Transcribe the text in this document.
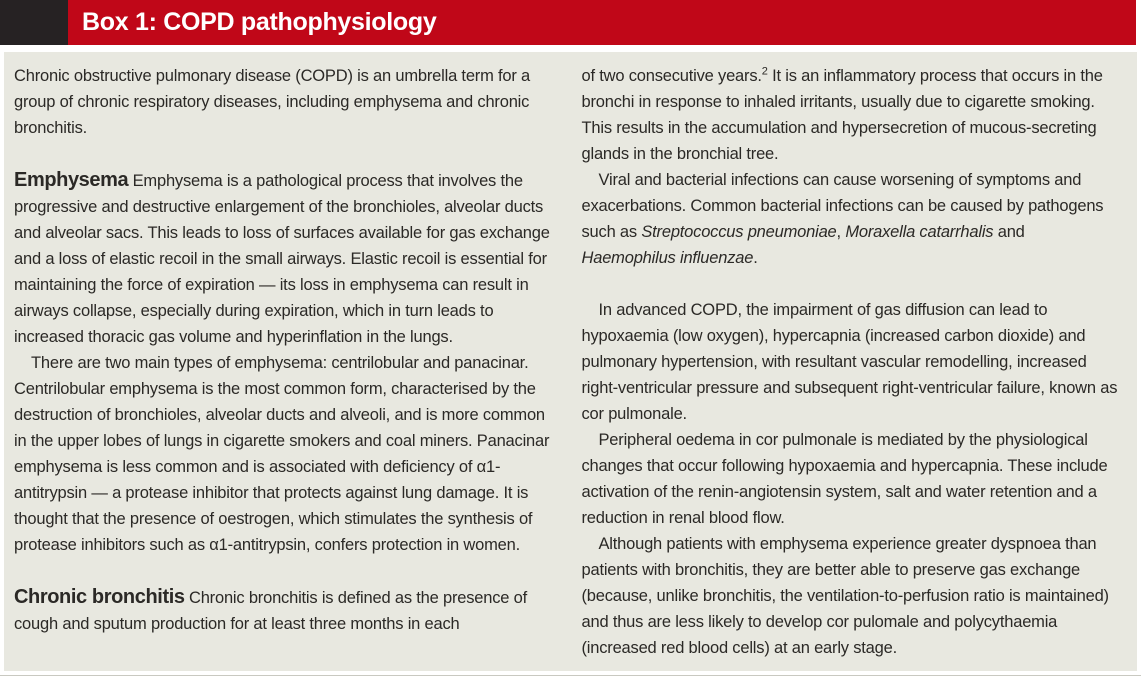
Box 1: COPD pathophysiology

Chronic obstructive pulmonary disease (COPD) is an umbrella term for a group of chronic respiratory diseases, including emphysema and chronic bronchitis.

Emphysema Emphysema is a pathological process that involves the progressive and destructive enlargement of the bronchioles, alveolar ducts and alveolar sacs. This leads to loss of surfaces available for gas exchange and a loss of elastic recoil in the small airways. Elastic recoil is essential for maintaining the force of expiration — its loss in emphysema can result in airways collapse, especially during expiration, which in turn leads to increased thoracic gas volume and hyperinflation in the lungs.

There are two main types of emphysema: centrilobular and panacinar. Centrilobular emphysema is the most common form, characterised by the destruction of bronchioles, alveolar ducts and alveoli, and is more common in the upper lobes of lungs in cigarette smokers and coal miners. Panacinar emphysema is less common and is associated with deficiency of α1-antitrypsin — a protease inhibitor that protects against lung damage. It is thought that the presence of oestrogen, which stimulates the synthesis of protease inhibitors such as α1-antitrypsin, confers protection in women.

Chronic bronchitis Chronic bronchitis is defined as the presence of cough and sputum production for at least three months in each

of two consecutive years.$^2$ It is an inflammatory process that occurs in the bronchi in response to inhaled irritants, usually due to cigarette smoking. This results in the accumulation and hypersecretion of mucous-secreting glands in the bronchial tree.

Viral and bacterial infections can cause worsening of symptoms and exacerbations. Common bacterial infections can be caused by pathogens such as Streptococcus pneumoniae, Moraxella catarrhalis and Haemophilus influenzae.

In advanced COPD, the impairment of gas diffusion can lead to hypoxaemia (low oxygen), hypercapnia (increased carbon dioxide) and pulmonary hypertension, with resultant vascular remodelling, increased right-ventricular pressure and subsequent right-ventricular failure, known as cor pulmonale.

Peripheral oedema in cor pulmonale is mediated by the physiological changes that occur following hypoxaemia and hypercapnia. These include activation of the renin-angiotensin system, salt and water retention and a reduction in renal blood flow.

Although patients with emphysema experience greater dyspnoea than patients with bronchitis, they are better able to preserve gas exchange (because, unlike bronchitis, the ventilation-to-perfusion ratio is maintained) and thus are less likely to develop cor pulomale and polycythaemia (increased red blood cells) at an early stage.
